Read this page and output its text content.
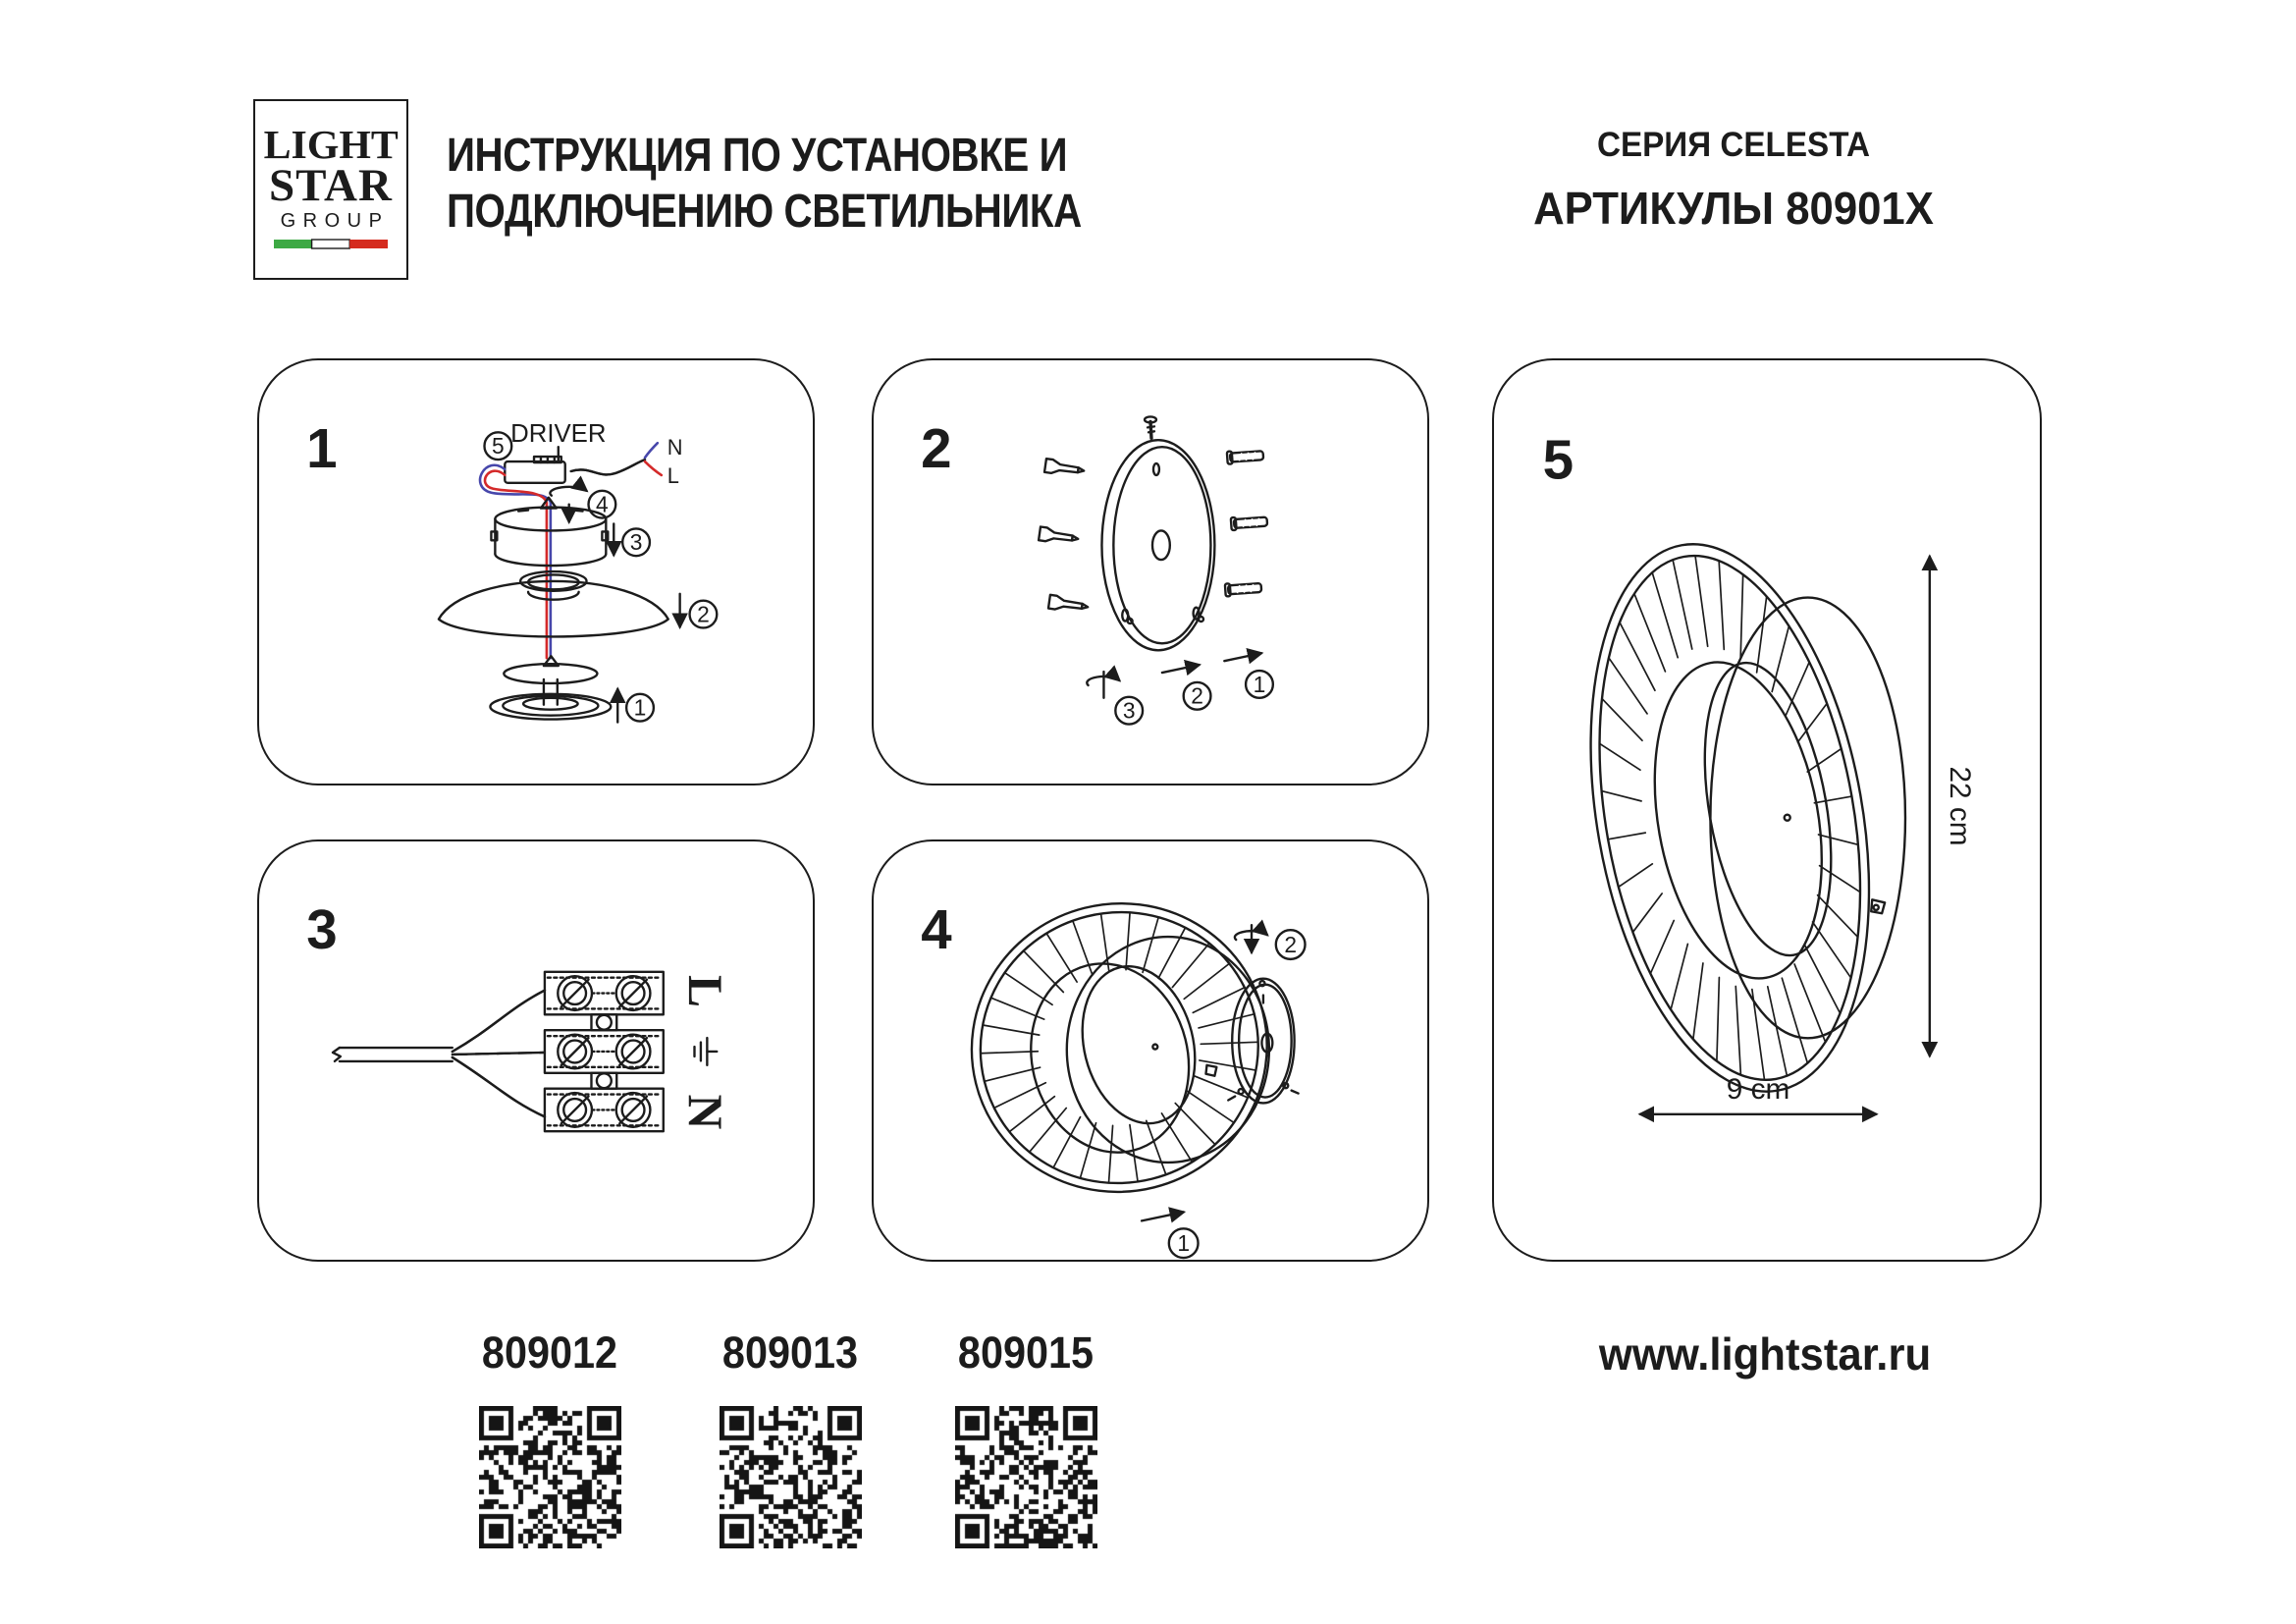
LIGHT
STAR
GROUP
ИНСТРУКЦИЯ ПО УСТАНОВКЕ И
ПОДКЛЮЧЕНИЮ СВЕТИЛЬНИКА
СЕРИЯ CELESTA
АРТИКУЛЫ 80901X
1	DRIVER
5	N
L
4
3
2
1
2
3
2 1
3
L
N
4	2
1
5
22 cm
9 cm
809012	809013	809015	www.lightstar.ru
